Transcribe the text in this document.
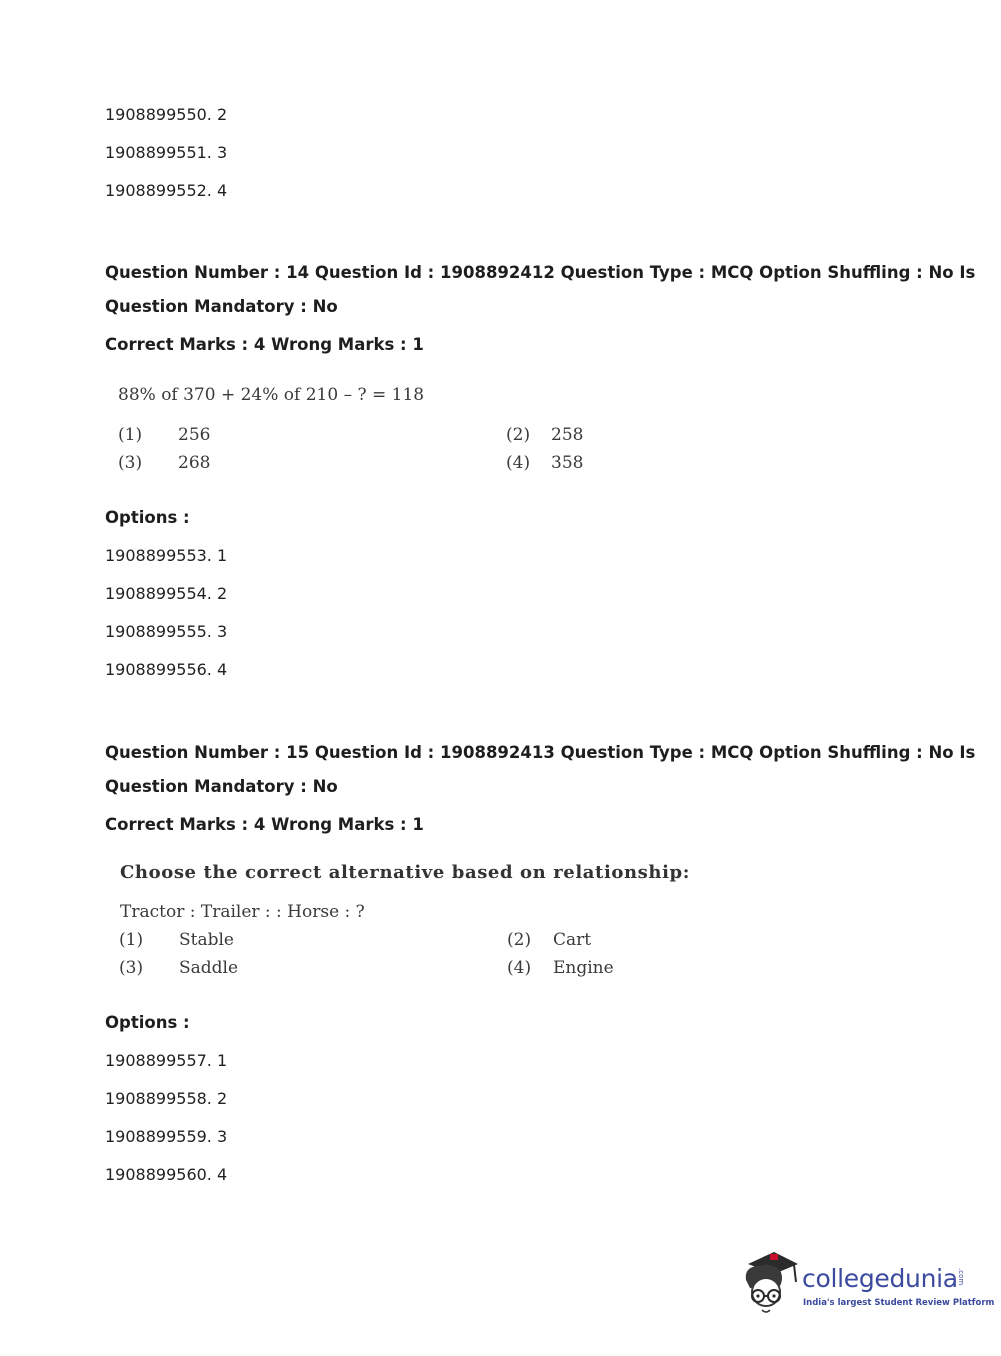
1908899550. 2
1908899551. 3
1908899552. 4
Question Number : 14 Question Id : 1908892412 Question Type : MCQ Option Shuffling : No Is
Question Mandatory : No
Correct Marks : 4 Wrong Marks : 1
88% of 370 + 24% of 210 – ? = 118
(1) 256	(2) 258
(3) 268	(4) 358
Options :
1908899553. 1
1908899554. 2
1908899555. 3
1908899556. 4
Question Number : 15 Question Id : 1908892413 Question Type : MCQ Option Shuffling : No Is
Question Mandatory : No
Correct Marks : 4 Wrong Marks : 1
Choose the correct alternative based on relationship:
Tractor : Trailer : : Horse : ?
(1) Stable	(2) Cart
(3) Saddle	(4) Engine
Options :
1908899557. 1
1908899558. 2
1908899559. 3
1908899560. 4
collegedunia .com
India's largest Student Review Platform
